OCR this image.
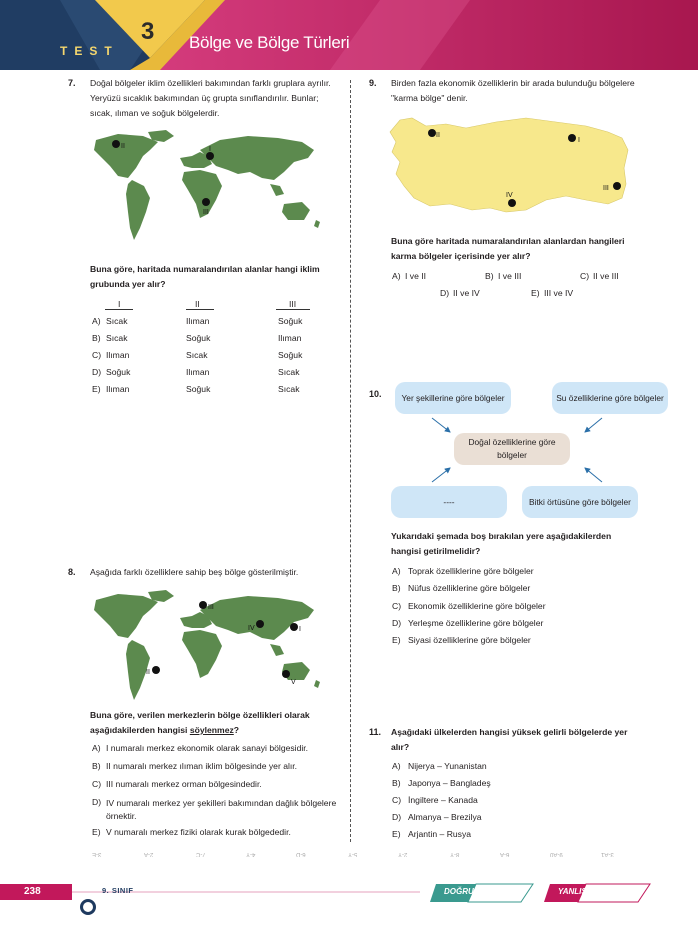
TEST
3 Bölge ve Bölge Türleri
7. Doğal bölgeler iklim özellikleri bakımından farklı gruplara ayrılır. Yeryüzü sıcaklık bakımından üç grupta sınıflandırılır. Bunlar; sıcak, ılıman ve soğuk bölgelerdir.
II	I
III
Buna göre, haritada numaralandırılan alanlar hangi iklim grubunda yer alır?
I	II	III
A) Sıcak	Ilıman	Soğuk
B) Sıcak	Soğuk	Ilıman
C) Ilıman	Sıcak	Soğuk
D) Soğuk	Ilıman	Sıcak
E) Ilıman	Soğuk	Sıcak
8. Aşağıda farklı özelliklere sahip beş bölge gösterilmiştir.
III
IV	I
II
V
Buna göre, verilen merkezlerin bölge özellikleri olarak aşağıdakilerden hangisi söylenmez?
A) I numaralı merkez ekonomik olarak sanayi bölgesidir.
B) II numaralı merkez ılıman iklim bölgesinde yer alır.
C) III numaralı merkez orman bölgesindedir.
D) IV numaralı merkez yer şekilleri bakımından dağlık bölgelere örnektir.
E) V numaralı merkez fiziki olarak kurak bölgededir.
9. Birden fazla ekonomik özelliklerin bir arada bulunduğu bölgelere "karma bölge" denir.
II
I
III
IV
Buna göre haritada numaralandırılan alanlardan hangileri karma bölgeler içerisinde yer alır?
A) I ve II	B) I ve III	C) II ve III
D) II ve IV	E) III ve IV
10.	Yer şekillerine göre bölgeler	Su özelliklerine göre bölgeler
Doğal özelliklerine göre bölgeler
----	Bitki örtüsüne göre bölgeler
Yukarıdaki şemada boş bırakılan yere aşağıdakilerden hangisi getirilmelidir?
A) Toprak özelliklerine göre bölgeler
B) Nüfus özelliklerine göre bölgeler
C) Ekonomik özelliklerine göre bölgeler
D) Yerleşme özelliklerine göre bölgeler
E) Siyasi özelliklerine göre bölgeler
11. Aşağıdaki ülkelerden hangisi yüksek gelirli bölgelerde yer alır?
A) Nijerya – Yunanistan
B) Japonya – Bangladeş
C) İngiltere – Kanada
D) Almanya – Brezilya
E) Arjantin – Rusya
3-E	2-A	7-C	4-Y	6-D	5-Y	2-Y	8-Y	6-A	9-A0	3-A1
238	9. SINIF	DOĞRU	YANLIŞ
